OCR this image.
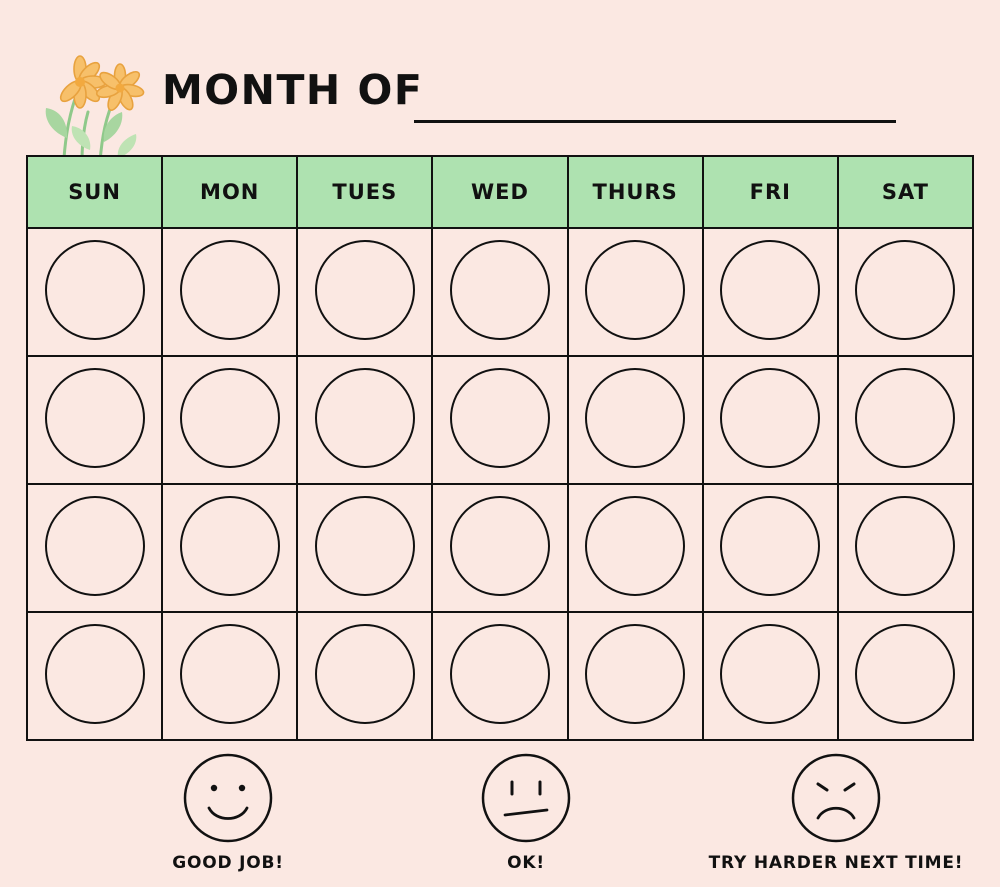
MONTH OF
SUN	MON	TUES	WED	THURS	FRI	SAT

GOOD JOB!	OK!	TRY HARDER NEXT TIME!
